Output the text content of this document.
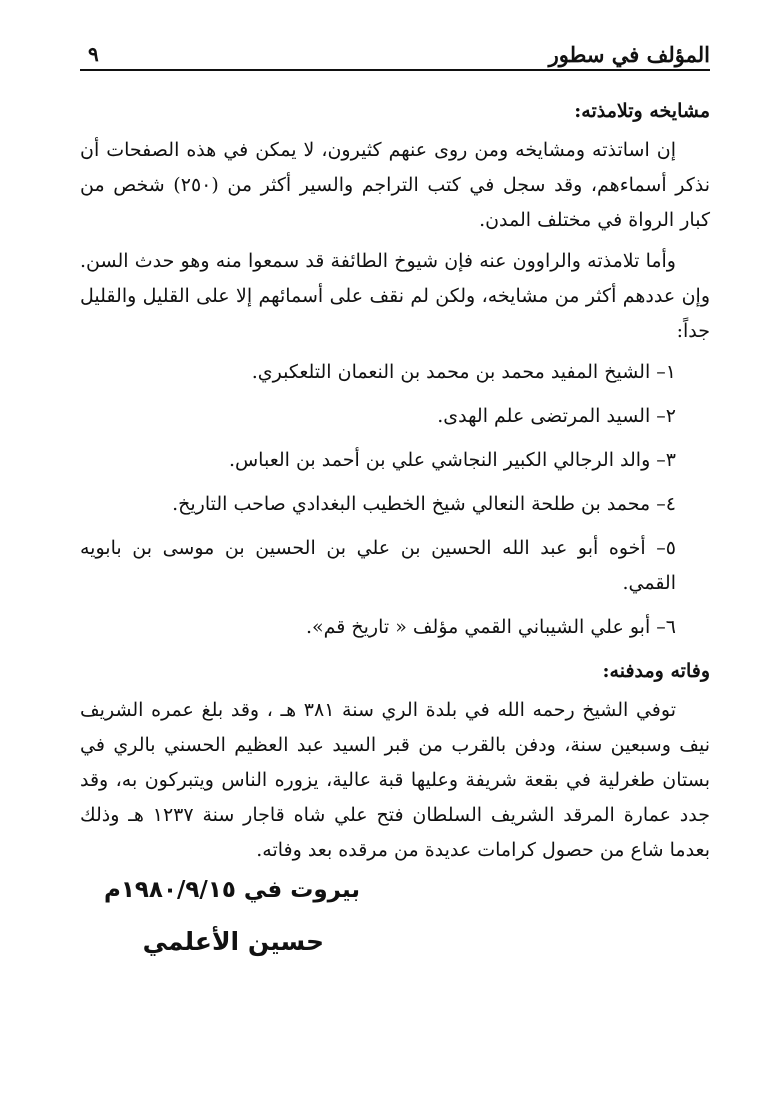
المؤلف في سطور
٩
مشايخه وتلامذته:

إن اساتذته ومشايخه ومن روى عنهم كثيرون، لا يمكن في هذه الصفحات أن نذكر أسماءهم، وقد سجل في كتب التراجم والسير أكثر من (٢٥٠) شخص من كبار الرواة في مختلف المدن.

وأما تلامذته والراوون عنه فإن شيوخ الطائفة قد سمعوا منه وهو حدث السن. وإن عددهم أكثر من مشايخه، ولكن لم نقف على أسمائهم إلا على القليل والقليل جداً:

١– الشيخ المفيد محمد بن محمد بن النعمان التلعكبري.
٢– السيد المرتضى علم الهدى.
٣– والد الرجالي الكبير النجاشي علي بن أحمد بن العباس.
٤– محمد بن طلحة النعالي شيخ الخطيب البغدادي صاحب التاريخ.
٥– أخوه أبو عبد الله الحسين بن علي بن الحسين بن موسى بن بابويه القمي.
٦– أبو علي الشيباني القمي مؤلف « تاريخ قم».
وفاته ومدفنه:

توفي الشيخ رحمه الله في بلدة الري سنة ٣٨١ هـ ، وقد بلغ عمره الشريف نيف وسبعين سنة، ودفن بالقرب من قبر السيد عبد العظيم الحسني بالري في بستان طغرلية في بقعة شريفة وعليها قبة عالية، يزوره الناس ويتبركون به، وقد جدد عمارة المرقد الشريف السلطان فتح علي شاه قاجار سنة ١٢٣٧ هـ وذلك بعدما شاع من حصول كرامات عديدة من مرقده بعد وفاته.

بيروت في ١٩٨٠/٩/١٥م
حسين الأعلمي
